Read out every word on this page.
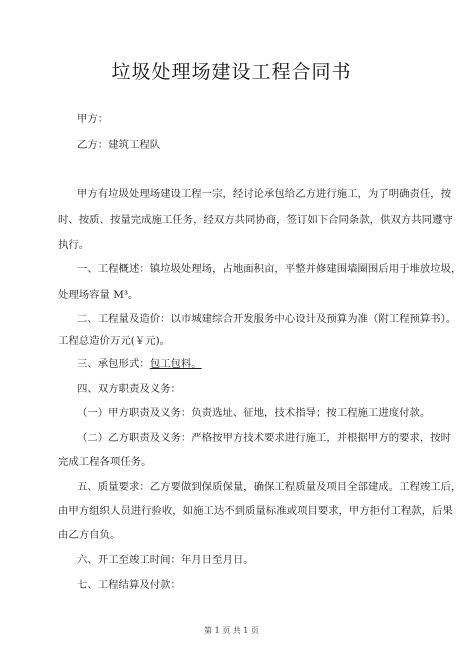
垃圾处理场建设工程合同书
甲方：
乙方：建筑工程队
甲方有垃圾处理场建设工程一宗，经讨论承包给乙方进行施工，为了明确责任，按
时、按质、按量完成施工任务，经双方共同协商，签订如下合同条款，供双方共同遵守
执行。
一、工程概述：镇垃圾处理场，占地面积亩，平整并修建围墙圈围后用于堆放垃圾，
处理场容量 M³。
二、工程量及造价：以市城建综合开发服务中心设计及预算为准（附工程预算书）。
工程总造价万元(￥元)。
三、承包形式：包工包料。
四、双方职责及义务：
（一）甲方职责及义务：负责选址、征地，技术指导；按工程施工进度付款。
（二）乙方职责及义务：严格按甲方技术要求进行施工，并根据甲方的要求，按时
完成工程各项任务。
五、质量要求：乙方要做到保质保量，确保工程质量及项目全部建成。工程竣工后，
由甲方组织人员进行验收，如施工达不到质量标准或项目要求，甲方拒付工程款，后果
由乙方自负。
六、开工至竣工时间：年月日至月日。
七、工程结算及付款：
第 1 页 共 1 页
